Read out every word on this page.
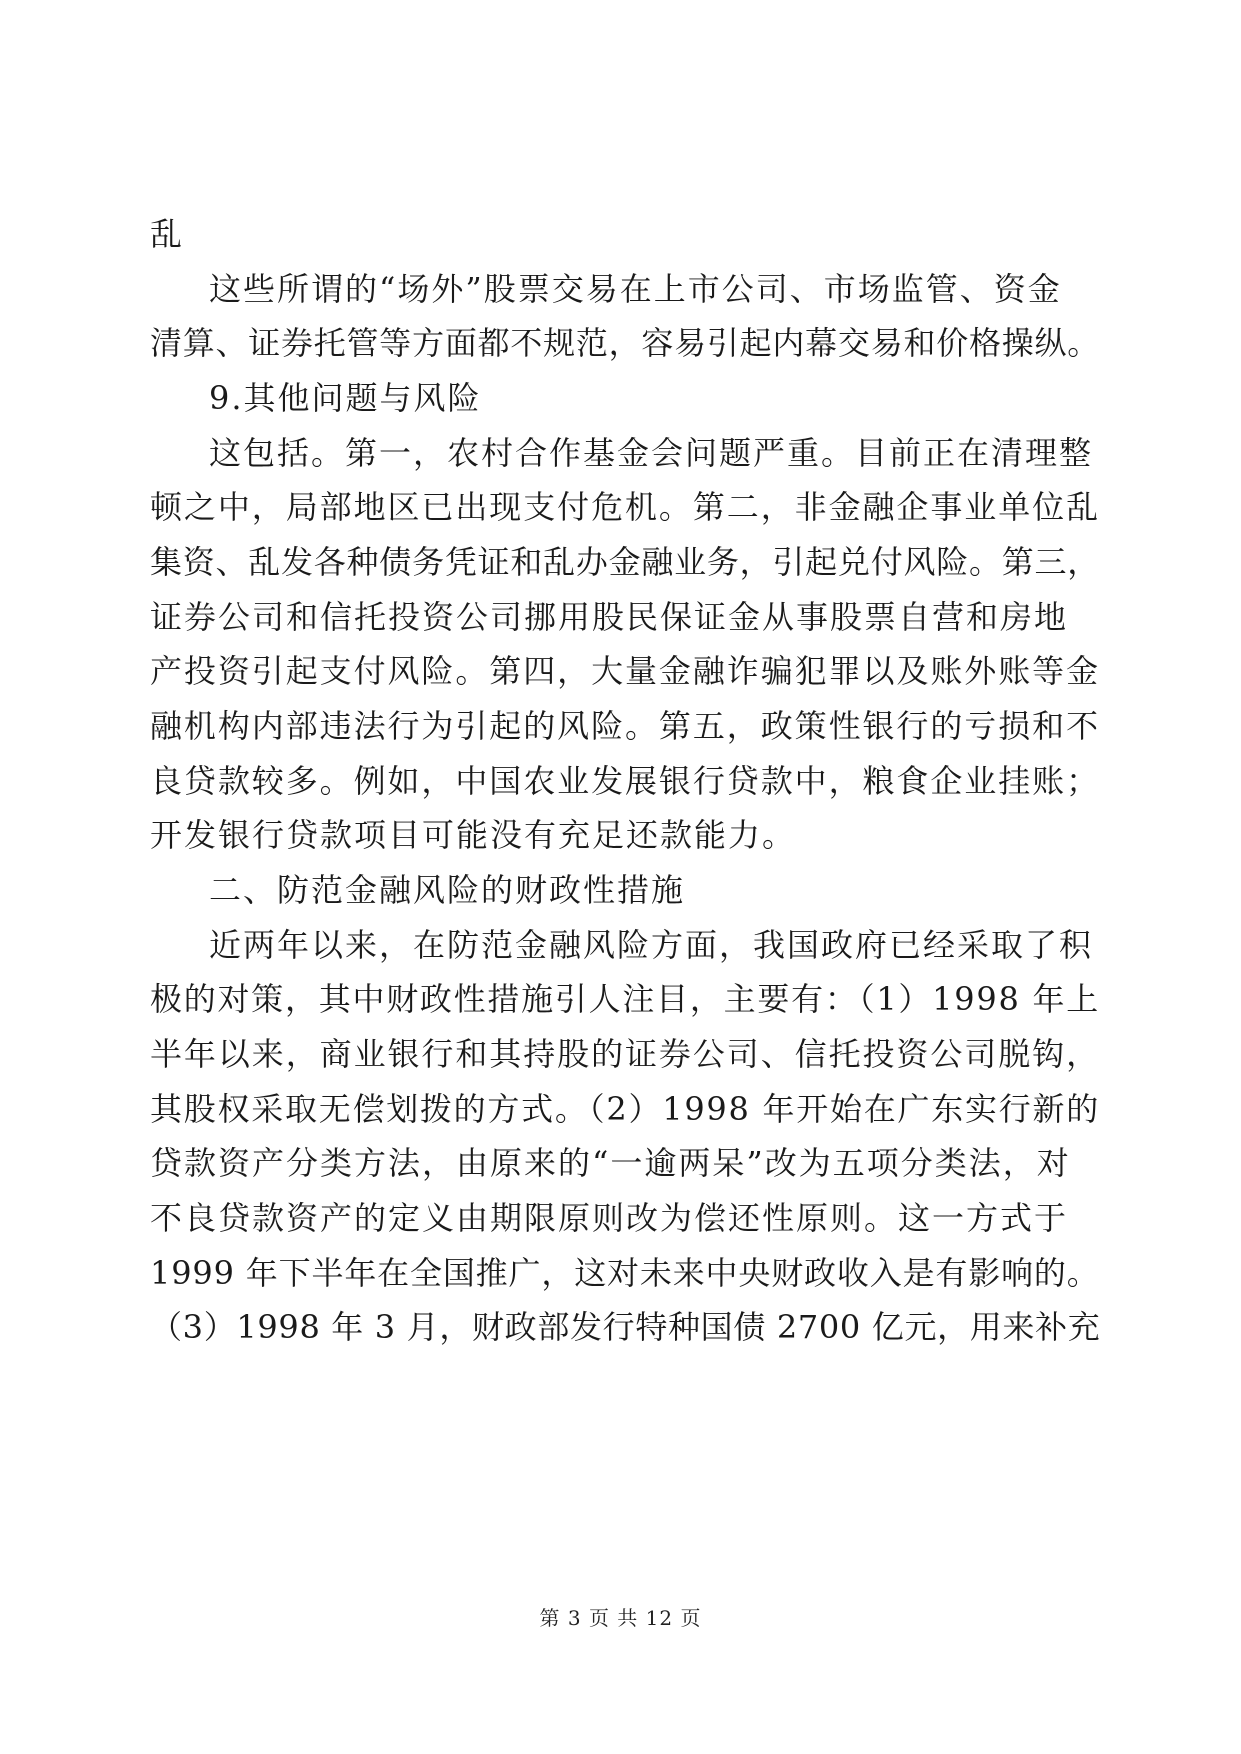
乱
这些所谓的“场外”股票交易在上市公司、市场监管、资金
清算、证券托管等方面都不规范，容易引起内幕交易和价格操纵。
9.其他问题与风险
这包括。第一，农村合作基金会问题严重。目前正在清理整
顿之中，局部地区已出现支付危机。第二，非金融企事业单位乱
集资、乱发各种债务凭证和乱办金融业务，引起兑付风险。第三，
证券公司和信托投资公司挪用股民保证金从事股票自营和房地
产投资引起支付风险。第四，大量金融诈骗犯罪以及账外账等金
融机构内部违法行为引起的风险。第五，政策性银行的亏损和不
良贷款较多。例如，中国农业发展银行贷款中，粮食企业挂账；
开发银行贷款项目可能没有充足还款能力。
二、防范金融风险的财政性措施
近两年以来，在防范金融风险方面，我国政府已经采取了积
极的对策，其中财政性措施引人注目，主要有：（1）1998 年上
半年以来，商业银行和其持股的证券公司、信托投资公司脱钩，
其股权采取无偿划拨的方式。（2）1998 年开始在广东实行新的
贷款资产分类方法，由原来的“一逾两呆”改为五项分类法，对
不良贷款资产的定义由期限原则改为偿还性原则。这一方式于
1999 年下半年在全国推广，这对未来中央财政收入是有影响的。
（3）1998 年 3 月，财政部发行特种国债 2700 亿元，用来补充
第 3 页 共 12 页
